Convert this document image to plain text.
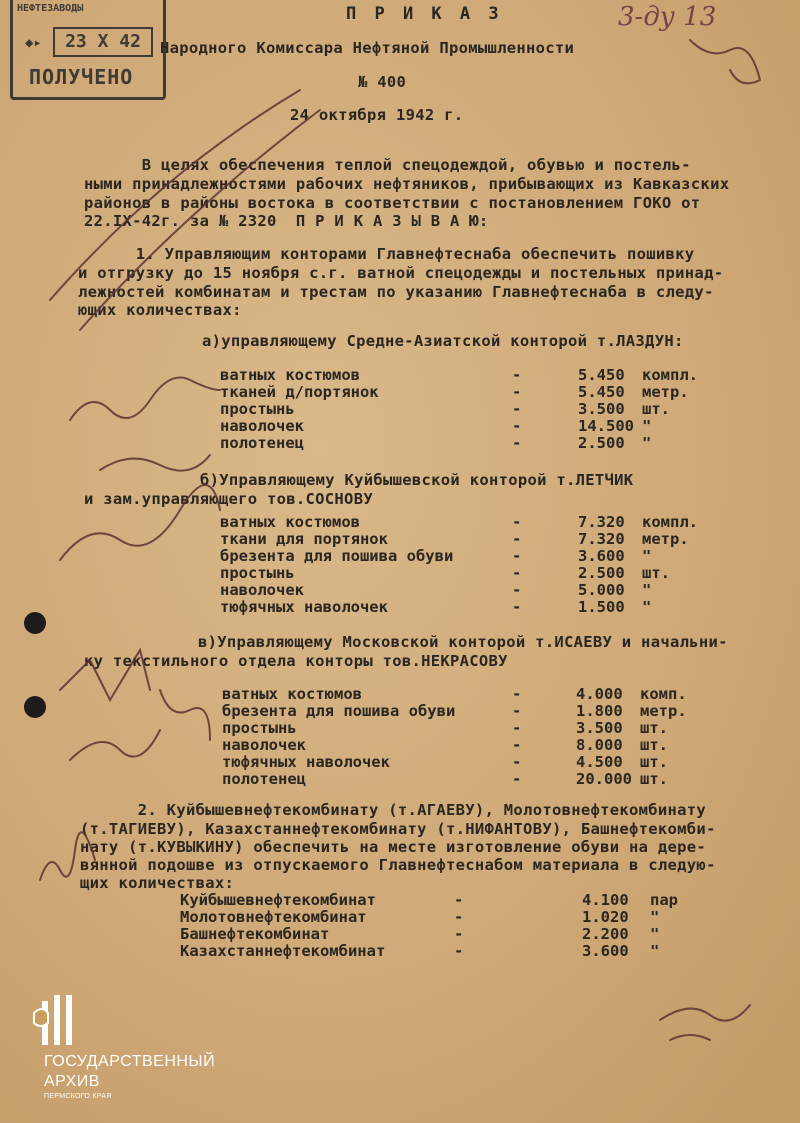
НЕФТЕЗАВОДЫ
◆▸	23 X 42
ПОЛУЧЕНО
3-ду 13
П Р И К А З
Народного Комиссара Нефтяной Промышленности
№ 400
24 октября 1942 г.
В целях обеспечения теплой спецодеждой, обувью и постель-
ными принадлежностями рабочих нефтяников, прибывающих из Кавказских
районов в районы востока в соответствии с постановлением ГОКО от
22.IX-42г. за № 2320  П Р И К А З Ы В А Ю:
1. Управляющим конторами Главнефтеснаба обеспечить пошивку
и отгрузку до 15 ноября с.г. ватной спецодежды и постельных принад-
лежностей комбинатам и трестам по указанию Главнефтеснаба в следу-
ющих количествах:
а)управляющему Средне-Азиатской конторой т.ЛАЗДУН:
ватных костюмов	-	5.450 компл.
тканей д/портянок	-	5.450 метр.
простынь	-	3.500 шт.
наволочек	-	14.500 "
полотенец	-	2.500 "
б)Управляющему Куйбышевской конторой т.ЛЕТЧИК
и зам.управляющего тов.СОСНОВУ
ватных костюмов	-	7.320 компл.
ткани для портянок	-	7.320 метр.
брезента для пошива обуви	-	3.600 "
простынь	-	2.500 шт.
наволочек	-	5.000 "
тюфячных наволочек	-	1.500 "
в)Управляющему Московской конторой т.ИСАЕВУ и начальни-
ку текстильного отдела конторы тов.НЕКРАСОВУ
ватных костюмов	-	4.000 комп.
брезента для пошива обуви	-	1.800 метр.
простынь	-	3.500 шт.
наволочек	-	8.000 шт.
тюфячных наволочек	-	4.500 шт.
полотенец	-	20.000 шт.
2. Куйбышевнефтекомбинату (т.АГАЕВУ), Молотовнефтекомбинату
(т.ТАГИЕВУ), Казахстаннефтекомбинату (т.НИФАНТОВУ), Башнефтекомби-
нату (т.КУВЫКИНУ) обеспечить на месте изготовление обуви на дере-
вянной подошве из отпускаемого Главнефтеснабом материала в следую-
щих количествах:
Куйбышевнефтекомбинат	-	4.100 пар
Молотовнефтекомбинат	-	1.020 "
Башнефтекомбинат	-	2.200 "
Казахстаннефтекомбинат	-	3.600 "
ГОСУДАРСТВЕННЫЙ
АРХИВ
ПЕРМСКОГО КРАЯ
